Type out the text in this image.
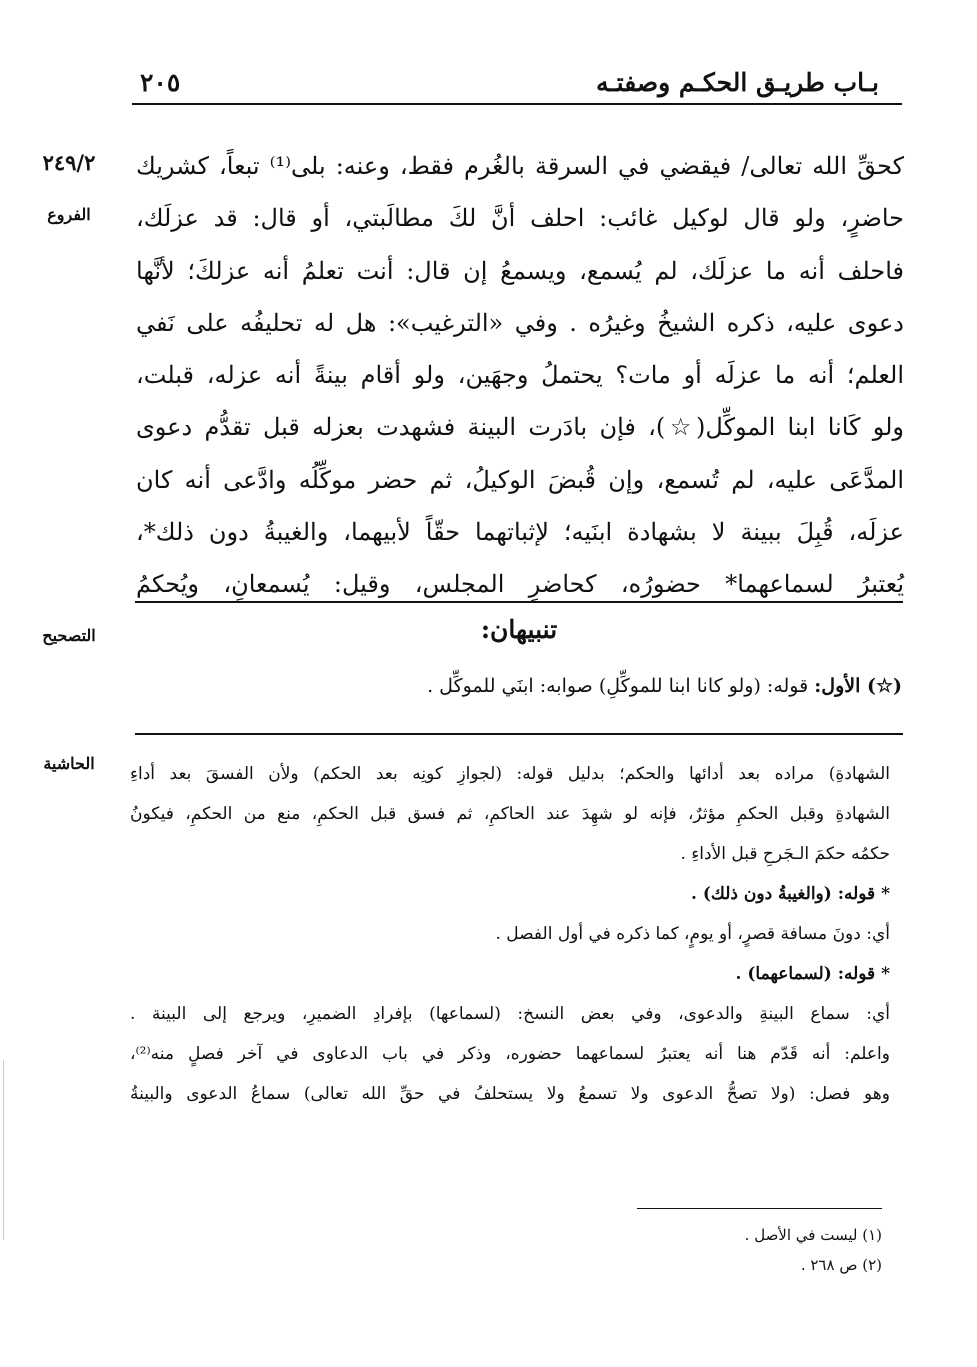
بـاب طريـق الحكـم وصفتـه
٢٠٥
٢٤٩/٢
الفروع
التصحيح
الحاشية
كحقِّ الله تعالى/ فيقضي في السرقة بالغُرم فقط، وعنه: بلى⁽¹⁾ تبعاً، كشريك
حاضرٍ، ولو قال لوكيل غائب: احلف أنَّ لكَ مطالَبتي، أو قال: قد عزلَك،
فاحلف أنه ما عزلَك، لم يُسمع، ويسمعُ إن قال: أنت تعلمُ أنه عزلكَ؛ لأنَّها
دعوى عليه، ذكره الشيخُ وغيرُه . وفي «الترغيب»: هل له تحليفُه على نَفي
العلم؛ أنه ما عزلَه أو مات؟ يحتملُ وجهَين، ولو أقام بينةً أنه عزله، قبلت،
ولو كَانا ابنا الموكِّل(☆)، فإن بادَرت البينة فشهدت بعزله قبل تقدُّم دعوى
المدَّعَى عليه، لم تُسمع، وإن قُبضَ الوكيلُ، ثم حضر موكِّلُه وادَّعى أنه كان
عزلَه، قُبِلَ ببينة لا بشهادة ابنَيه؛ لإثباتهما حقّاً لأبيهما، والغيبةُ دون ذلك*،
يُعتبرُ لسماعهما* حضورُه، كحاضرِ المجلس، وقيل: يُسمعانِ، ويُحكمُ
تنبيهان:
(☆) الأول: قوله: (ولو كانا ابنا للموكِّلِ) صوابه: ابنَي للموكِّل .
الشهادةِ) مراده بعد أدائها والحكم؛ بدليل قوله: (لجوازِ كونِه بعد الحكم) ولأن الفسقَ بعد أداءِ
الشهادةِ وقبل الحكمِ مؤثرٌ، فإنه لو شهِدَ عند الحاكمِ، ثم فسق قبل الحكمِ، منع من الحكمِ، فيكونُ
حكمُه حكمَ الـجَرحِ قبل الأداءِ .
* قوله: (والغيبةُ دون ذلك) .
أي: دونَ مسافة قصرٍ، أو يومٍ، كما ذكره في أول الفصل .
* قوله: (لسماعهما) .
أي: سماع البينةِ والدعوى، وفي بعض النسخ: (لسماعها) بإفرادِ الضميرِ، ويرجع إلى البينة .
واعلم: أنه قَدّم هنا أنه يعتبرُ لسماعهما حضوره، وذكر في باب الدعاوى في آخر فصلٍ منه⁽²⁾،
وهو فصل: (ولا تصحُّ الدعوى ولا تسمعُ ولا يستحلفُ في حقِّ الله تعالى) سماعُ الدعوى والبينةُ
(١) ليست في الأصل .
(٢) ص ٢٦٨ .
